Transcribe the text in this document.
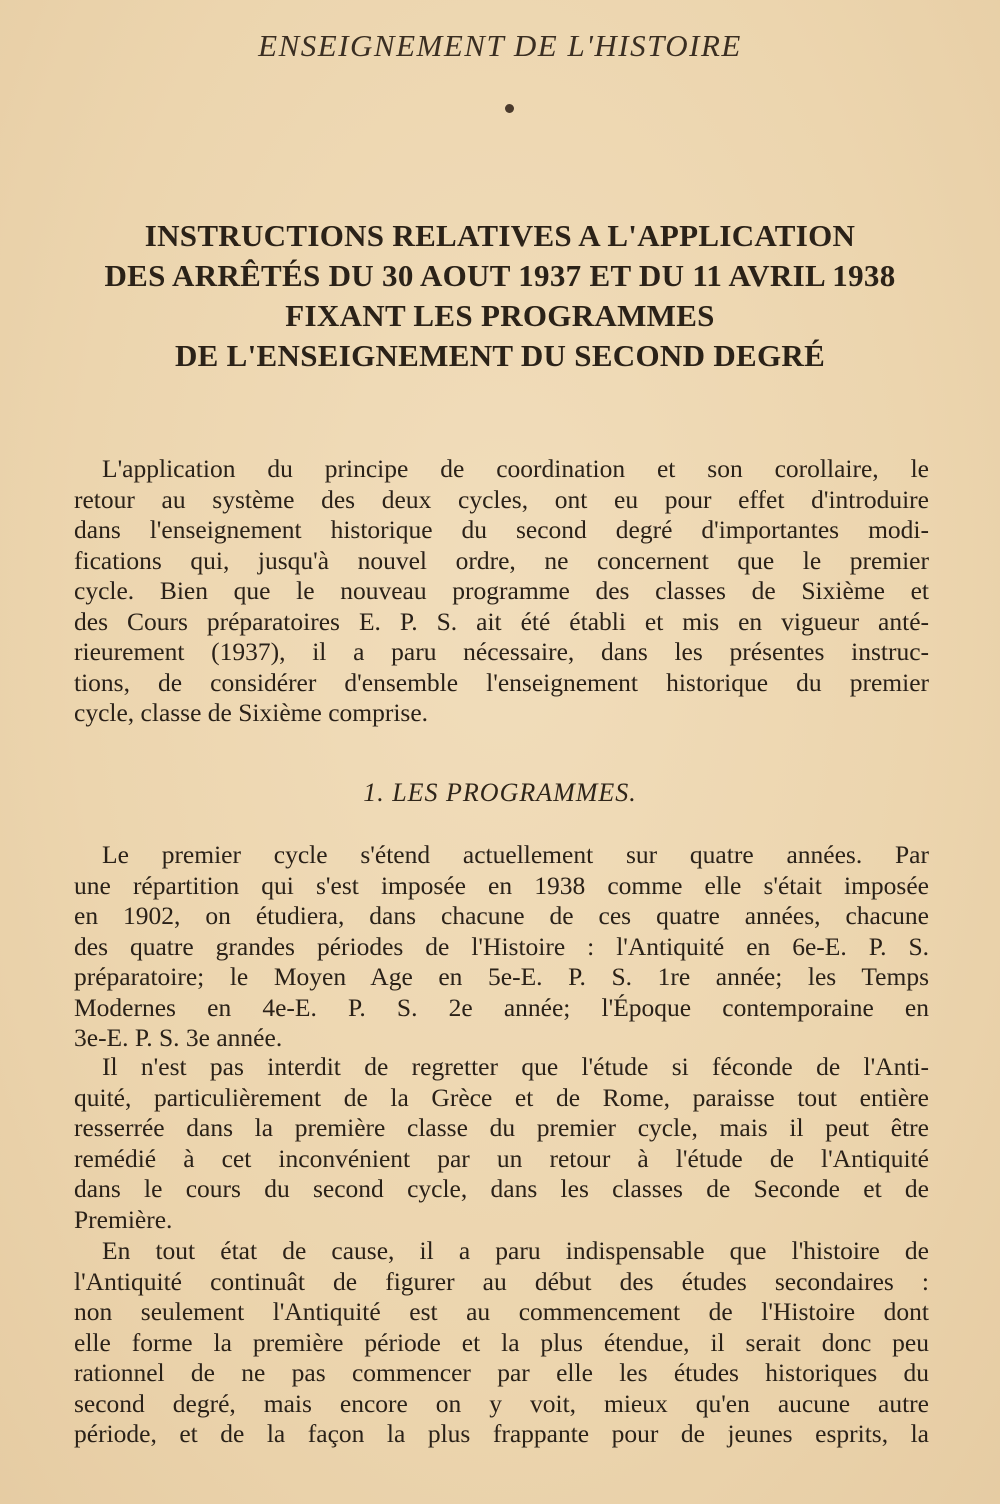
ENSEIGNEMENT DE L'HISTOIRE
INSTRUCTIONS RELATIVES A L'APPLICATION
DES ARRÊTÉS DU 30 AOUT 1937 ET DU 11 AVRIL 1938
FIXANT LES PROGRAMMES
DE L'ENSEIGNEMENT DU SECOND DEGRÉ
L'application du principe de coordination et son corollaire, le
retour au système des deux cycles, ont eu pour effet d'introduire
dans l'enseignement historique du second degré d'importantes modi-
fications qui, jusqu'à nouvel ordre, ne concernent que le premier
cycle. Bien que le nouveau programme des classes de Sixième et
des Cours préparatoires E. P. S. ait été établi et mis en vigueur anté-
rieurement (1937), il a paru nécessaire, dans les présentes instruc-
tions, de considérer d'ensemble l'enseignement historique du premier
cycle, classe de Sixième comprise.
1. LES PROGRAMMES.
Le premier cycle s'étend actuellement sur quatre années. Par
une répartition qui s'est imposée en 1938 comme elle s'était imposée
en 1902, on étudiera, dans chacune de ces quatre années, chacune
des quatre grandes périodes de l'Histoire : l'Antiquité en 6e-E. P. S.
préparatoire; le Moyen Age en 5e-E. P. S. 1re année; les Temps
Modernes en 4e-E. P. S. 2e année; l'Époque contemporaine en
3e-E. P. S. 3e année.
Il n'est pas interdit de regretter que l'étude si féconde de l'Anti-
quité, particulièrement de la Grèce et de Rome, paraisse tout entière
resserrée dans la première classe du premier cycle, mais il peut être
remédié à cet inconvénient par un retour à l'étude de l'Antiquité
dans le cours du second cycle, dans les classes de Seconde et de
Première.
En tout état de cause, il a paru indispensable que l'histoire de
l'Antiquité continuât de figurer au début des études secondaires :
non seulement l'Antiquité est au commencement de l'Histoire dont
elle forme la première période et la plus étendue, il serait donc peu
rationnel de ne pas commencer par elle les études historiques du
second degré, mais encore on y voit, mieux qu'en aucune autre
période, et de la façon la plus frappante pour de jeunes esprits, la
